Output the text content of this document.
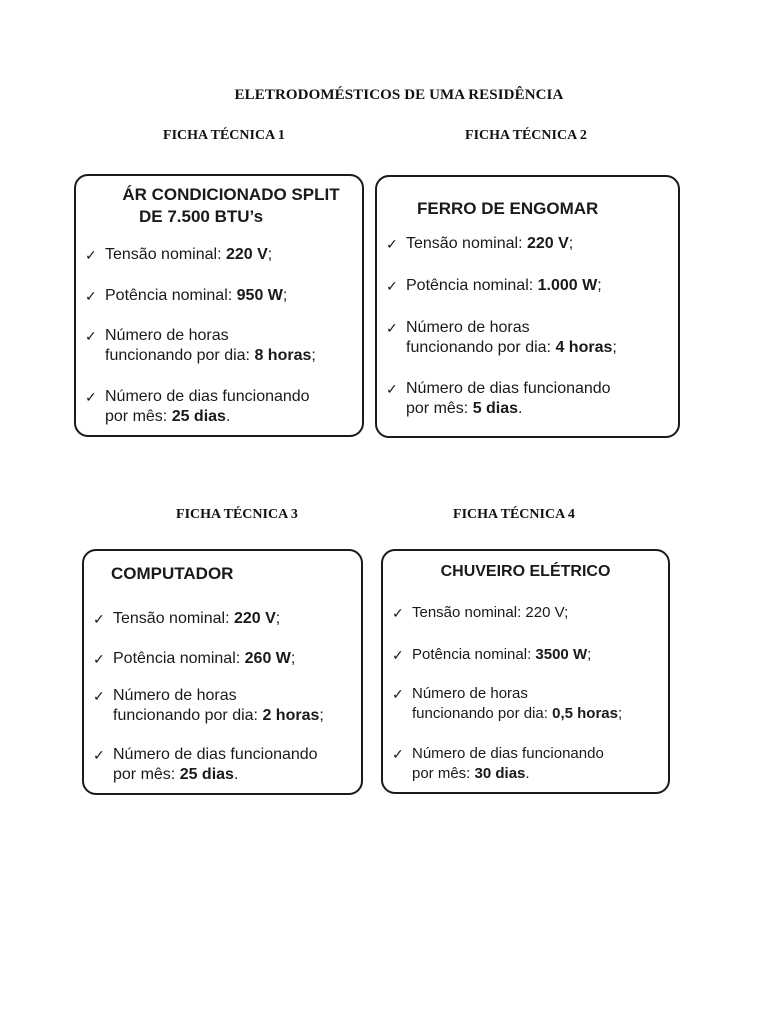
ELETRODOMÉSTICOS DE UMA RESIDÊNCIA
FICHA TÉCNICA 1	FICHA TÉCNICA 2
FICHA TÉCNICA 3	FICHA TÉCNICA 4
ÁR CONDICIONADO SPLIT
DE 7.500 BTU’s
✓ Tensão nominal: 220 V;
✓ Potência nominal: 950 W;
✓ Número de horas
funcionando por dia: 8 horas;
✓ Número de dias funcionando
por mês: 25 dias.
FERRO DE ENGOMAR
✓ Tensão nominal: 220 V;
✓ Potência nominal: 1.000 W;
✓ Número de horas
funcionando por dia: 4 horas;
✓ Número de dias funcionando
por mês: 5 dias.
COMPUTADOR
✓ Tensão nominal: 220 V;
✓ Potência nominal: 260 W;
✓ Número de horas
funcionando por dia: 2 horas;
✓ Número de dias funcionando
por mês: 25 dias.
CHUVEIRO ELÉTRICO
✓ Tensão nominal: 220 V;
✓ Potência nominal: 3500 W;
✓ Número de horas
funcionando por dia: 0,5 horas;
✓ Número de dias funcionando
por mês: 30 dias.
